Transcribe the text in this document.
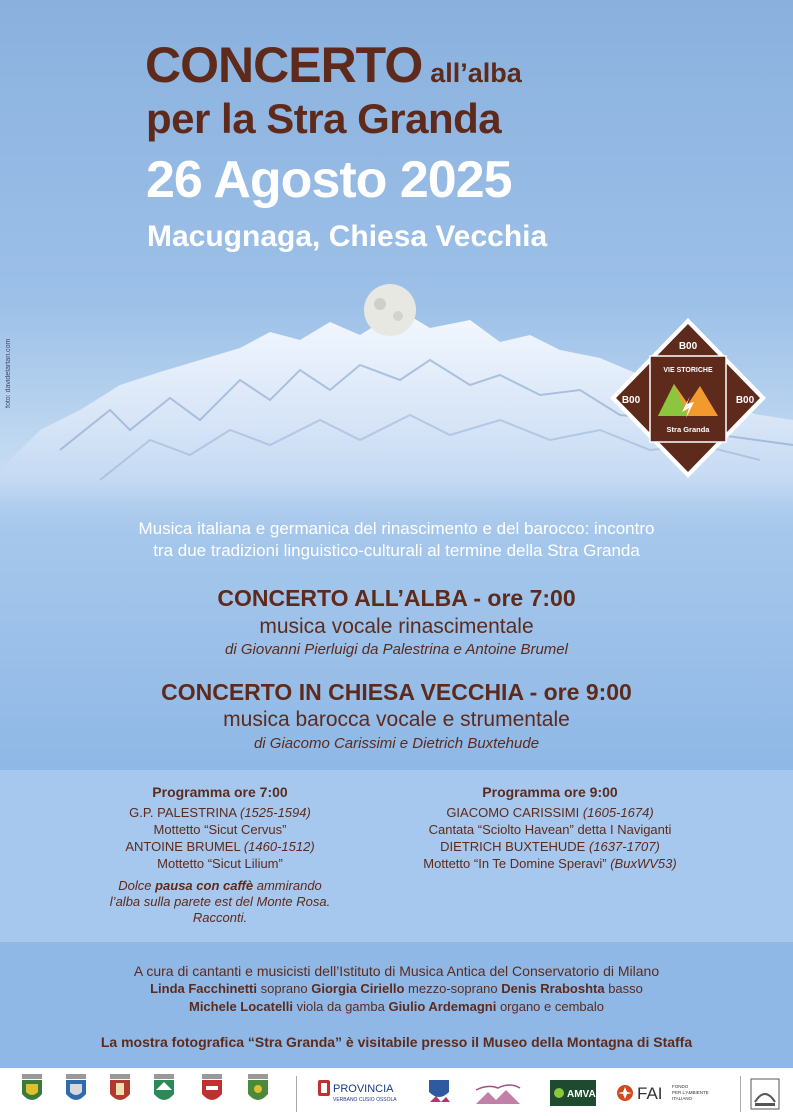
CONCERTO all’alba
per la Stra Granda
26 Agosto 2025
Macugnaga, Chiesa Vecchia
foto: davidetartari.com	B00
B00	B00
VIE STORICHE
Stra Granda
Musica italiana e germanica del rinascimento e del barocco: incontro
tra due tradizioni linguistico-culturali al termine della Stra Granda
CONCERTO ALL’ALBA - ore 7:00
musica vocale rinascimentale
di Giovanni Pierluigi da Palestrina e Antoine Brumel
CONCERTO IN CHIESA VECCHIA - ore 9:00
musica barocca vocale e strumentale
di Giacomo Carissimi e Dietrich Buxtehude
Programma ore 7:00
G.P. PALESTRINA (1525-1594)
Mottetto “Sicut Cervus”
ANTOINE BRUMEL (1460-1512)
Mottetto “Sicut Lilium”
Dolce pausa con caffè ammirando
l’alba sulla parete est del Monte Rosa.
Racconti.
Programma ore 9:00
GIACOMO CARISSIMI (1605-1674)
Cantata “Sciolto Havean” detta I Naviganti
DIETRICH BUXTEHUDE (1637-1707)
Mottetto “In Te Domine Speravi” (BuxWV53)
A cura di cantanti e musicisti dell’Istituto di Musica Antica del Conservatorio di Milano
Linda Facchinetti soprano Giorgia Ciriello mezzo-soprano Denis Rraboshta basso
Michele Locatelli viola da gamba Giulio Ardemagni organo e cembalo
La mostra fotografica “Stra Granda” è visitabile presso il Museo della Montagna di Staffa
PROVINCIA
VERBANO CUSIO OSSOLA	AMVA FAI FONDO
PER L’AMBIENTE
ITALIANO
